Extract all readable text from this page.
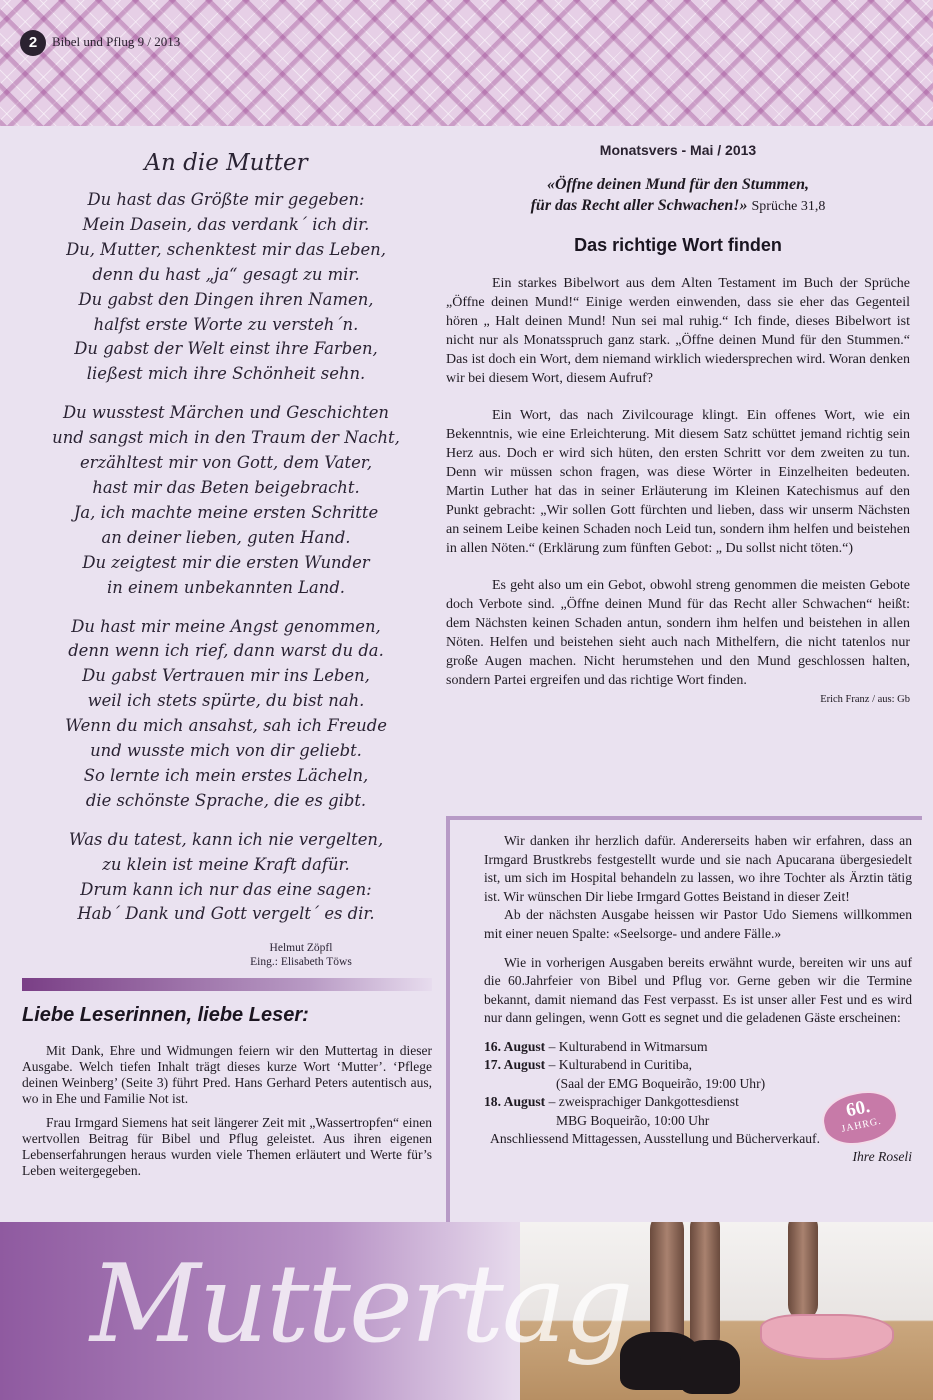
2	Bibel und Pflug 9 / 2013
An die Mutter
Du hast das Größte mir gegeben:
Mein Dasein, das verdank´ ich dir.
Du, Mutter, schenktest mir das Leben,
denn du hast „ja“ gesagt zu mir.
Du gabst den Dingen ihren Namen,
halfst erste Worte zu versteh´n.
Du gabst der Welt einst ihre Farben,
ließest mich ihre Schönheit sehn.
Du wusstest Märchen und Geschichten
und sangst mich in den Traum der Nacht,
erzähltest mir von Gott, dem Vater,
hast mir das Beten beigebracht.
Ja, ich machte meine ersten Schritte
an deiner lieben, guten Hand.
Du zeigtest mir die ersten Wunder
in einem unbekannten Land.
Du hast mir meine Angst genommen,
denn wenn ich rief, dann warst du da.
Du gabst Vertrauen mir ins Leben,
weil ich stets spürte, du bist nah.
Wenn du mich ansahst, sah ich Freude
und wusste mich von dir geliebt.
So lernte ich mein erstes Lächeln,
die schönste Sprache, die es gibt.
Was du tatest, kann ich nie vergelten,
zu klein ist meine Kraft dafür.
Drum kann ich nur das eine sagen:
Hab´ Dank und Gott vergelt´ es dir.
Helmut Zöpfl
Eing.: Elisabeth Töws
Liebe Leserinnen, liebe Leser:

Mit Dank, Ehre und Widmungen feiern wir den Muttertag in dieser Ausgabe. Welch tiefen Inhalt trägt dieses kurze Wort ‘Mutter’. ‘Pflege deinen Weinberg’ (Seite 3) führt Pred. Hans Gerhard Peters autentisch aus, wo in Ehe und Familie Not ist.

Frau Irmgard Siemens hat seit längerer Zeit mit „Wassertropfen“ einen wertvollen Beitrag für Bibel und Pflug geleistet. Aus ihren eigenen Lebenserfahrungen heraus wurden viele Themen erläutert und Werte für’s Leben weitergegeben.

Monatsvers - Mai / 2013
«Öffne deinen Mund für den Stummen,
für das Recht aller Schwachen!» Sprüche 31,8
Das richtige Wort finden

Ein starkes Bibelwort aus dem Alten Testament im Buch der Sprüche „Öffne deinen Mund!“ Einige werden einwenden, dass sie eher das Gegenteil hören „ Halt deinen Mund! Nun sei mal ruhig.“ Ich finde, dieses Bibelwort ist nicht nur als Monatsspruch ganz stark. „Öffne deinen Mund für den Stummen.“ Das ist doch ein Wort, dem niemand wirklich wiedersprechen wird. Woran denken wir bei diesem Wort, diesem Aufruf?

Ein Wort, das nach Zivilcourage klingt. Ein offenes Wort, wie ein Bekenntnis, wie eine Erleichterung. Mit diesem Satz schüttet jemand richtig sein Herz aus. Doch er wird sich hüten, den ersten Schritt vor dem zweiten zu tun. Denn wir müssen schon fragen, was diese Wörter in Einzelheiten bedeuten. Martin Luther hat das in seiner Erläuterung im Kleinen Katechismus auf den Punkt gebracht: „Wir sollen Gott fürchten und lieben, dass wir unserm Nächsten an seinem Leibe keinen Schaden noch Leid tun, sondern ihm helfen und beistehen in allen Nöten.“ (Erklärung zum fünften Gebot: „ Du sollst nicht töten.“)

Es geht also um ein Gebot, obwohl streng genommen die meisten Gebote doch Verbote sind. „Öffne deinen Mund für das Recht aller Schwachen“ heißt: dem Nächsten keinen Schaden antun, sondern ihm helfen und beistehen in allen Nöten. Helfen und beistehen sieht auch nach Mithelfern, die nicht tatenlos nur große Augen machen. Nicht herumstehen und den Mund geschlossen halten, sondern Partei ergreifen und das richtige Wort finden.

Erich Franz / aus: Gb

Wir danken ihr herzlich dafür. Andererseits haben wir erfahren, dass an Irmgard Brustkrebs festgestellt wurde und sie nach Apucarana übergesiedelt ist, um sich im Hospital behandeln zu lassen, wo ihre Tochter als Ärztin tätig ist. Wir wünschen Dir liebe Irmgard Gottes Beistand in dieser Zeit!

Ab der nächsten Ausgabe heissen wir Pastor Udo Siemens willkommen mit einer neuen Spalte: «Seelsorge- und andere Fälle.»

Wie in vorherigen Ausgaben bereits erwähnt wurde, bereiten wir uns auf die 60.Jahrfeier von Bibel und Pflug vor. Gerne geben wir die Termine bekannt, damit niemand das Fest verpasst. Es ist unser aller Fest und es wird nur dann gelingen, wenn Gott es segnet und die geladenen Gäste erscheinen:

16. August – Kulturabend in Witmarsum
17. August – Kulturabend in Curitiba,
(Saal der EMG Boqueirão, 19:00 Uhr)
18. August – zweisprachiger Dankgottesdienst
MBG Boqueirão, 10:00 Uhr
Anschliessend Mittagessen, Ausstellung und Bücherverkauf.
Ihre Roseli
60.
JAHRG.
Muttertag
